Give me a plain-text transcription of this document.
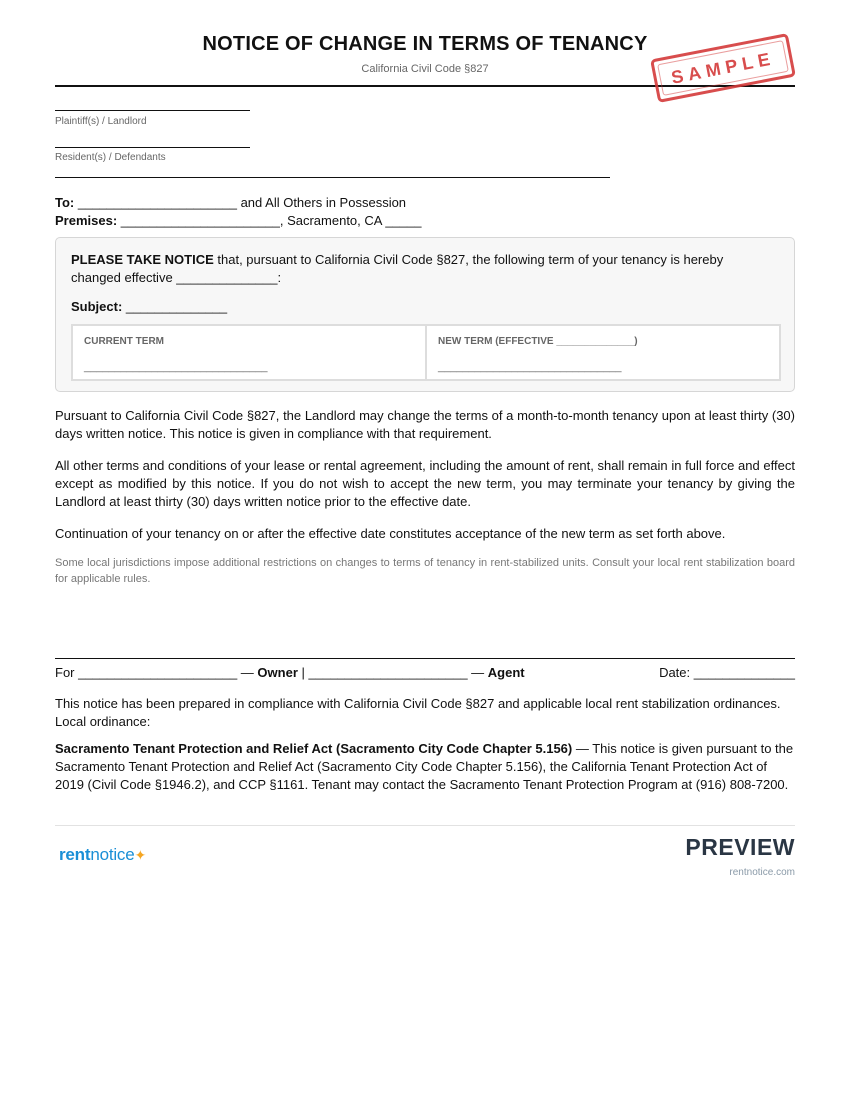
NOTICE OF CHANGE IN TERMS OF TENANCY
California Civil Code §827	SAMPLE
Plaintiff(s) / Landlord
Resident(s) / Defendants
To: ______________________ and All Others in Possession
Premises: ______________________, Sacramento, CA _____
PLEASE TAKE NOTICE that, pursuant to California Civil Code §827, the following term of your tenancy is hereby changed effective ______________:
Subject: ______________
CURRENT TERM
______________________________
NEW TERM (EFFECTIVE ______________)
______________________________
Pursuant to California Civil Code §827, the Landlord may change the terms of a month-to-month tenancy upon at least thirty (30) days written notice. This notice is given in compliance with that requirement.
All other terms and conditions of your lease or rental agreement, including the amount of rent, shall remain in full force and effect except as modified by this notice. If you do not wish to accept the new term, you may terminate your tenancy by giving the Landlord at least thirty (30) days written notice prior to the effective date.
Continuation of your tenancy on or after the effective date constitutes acceptance of the new term as set forth above.
Some local jurisdictions impose additional restrictions on changes to terms of tenancy in rent-stabilized units. Consult your local rent stabilization board for applicable rules.
For ______________________ — Owner | ______________________ — Agent	Date: ______________
This notice has been prepared in compliance with California Civil Code §827 and applicable local rent stabilization ordinances. Local ordinance:
Sacramento Tenant Protection and Relief Act (Sacramento City Code Chapter 5.156) — This notice is given pursuant to the Sacramento Tenant Protection and Relief Act (Sacramento City Code Chapter 5.156), the California Tenant Protection Act of 2019 (Civil Code §1946.2), and CCP §1161. Tenant may contact the Sacramento Tenant Protection Program at (916) 808-7200.
rentnotice✦	PREVIEW
rentnotice.com
